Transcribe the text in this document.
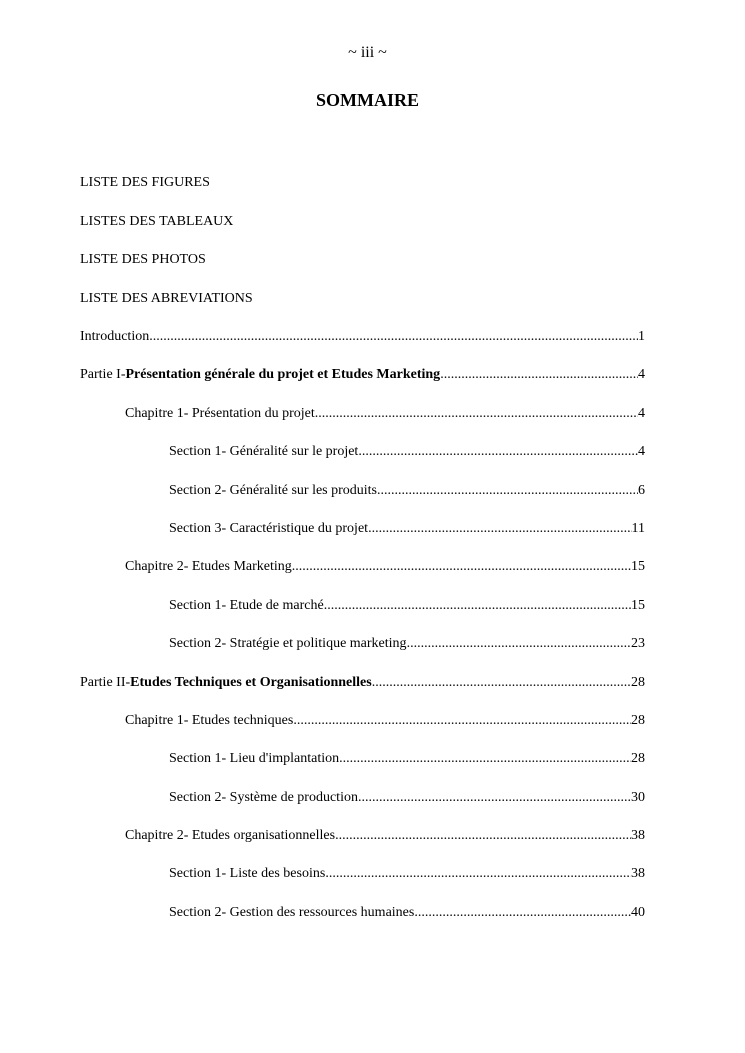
~ iii ~
SOMMAIRE
LISTE DES FIGURES
LISTES DES TABLEAUX
LISTE DES PHOTOS
LISTE DES ABREVIATIONS
Introduction .....	1
Partie I- Présentation générale du projet et Etudes Marketing .....	4
Chapitre 1- Présentation du projet .....	4
Section 1- Généralité sur le projet .....	4
Section 2- Généralité sur les produits .....	6
Section 3- Caractéristique du projet .....	11
Chapitre 2- Etudes Marketing .....	15
Section 1- Etude de marché .....	15
Section 2- Stratégie et politique marketing .....	23
Partie II- Etudes Techniques et Organisationnelles .....	28
Chapitre 1- Etudes techniques .....	28
Section 1- Lieu d'implantation .....	28
Section 2- Système de production .....	30
Chapitre 2- Etudes organisationnelles .....	38
Section 1- Liste des besoins .....	38
Section 2- Gestion des ressources humaines .....	40
